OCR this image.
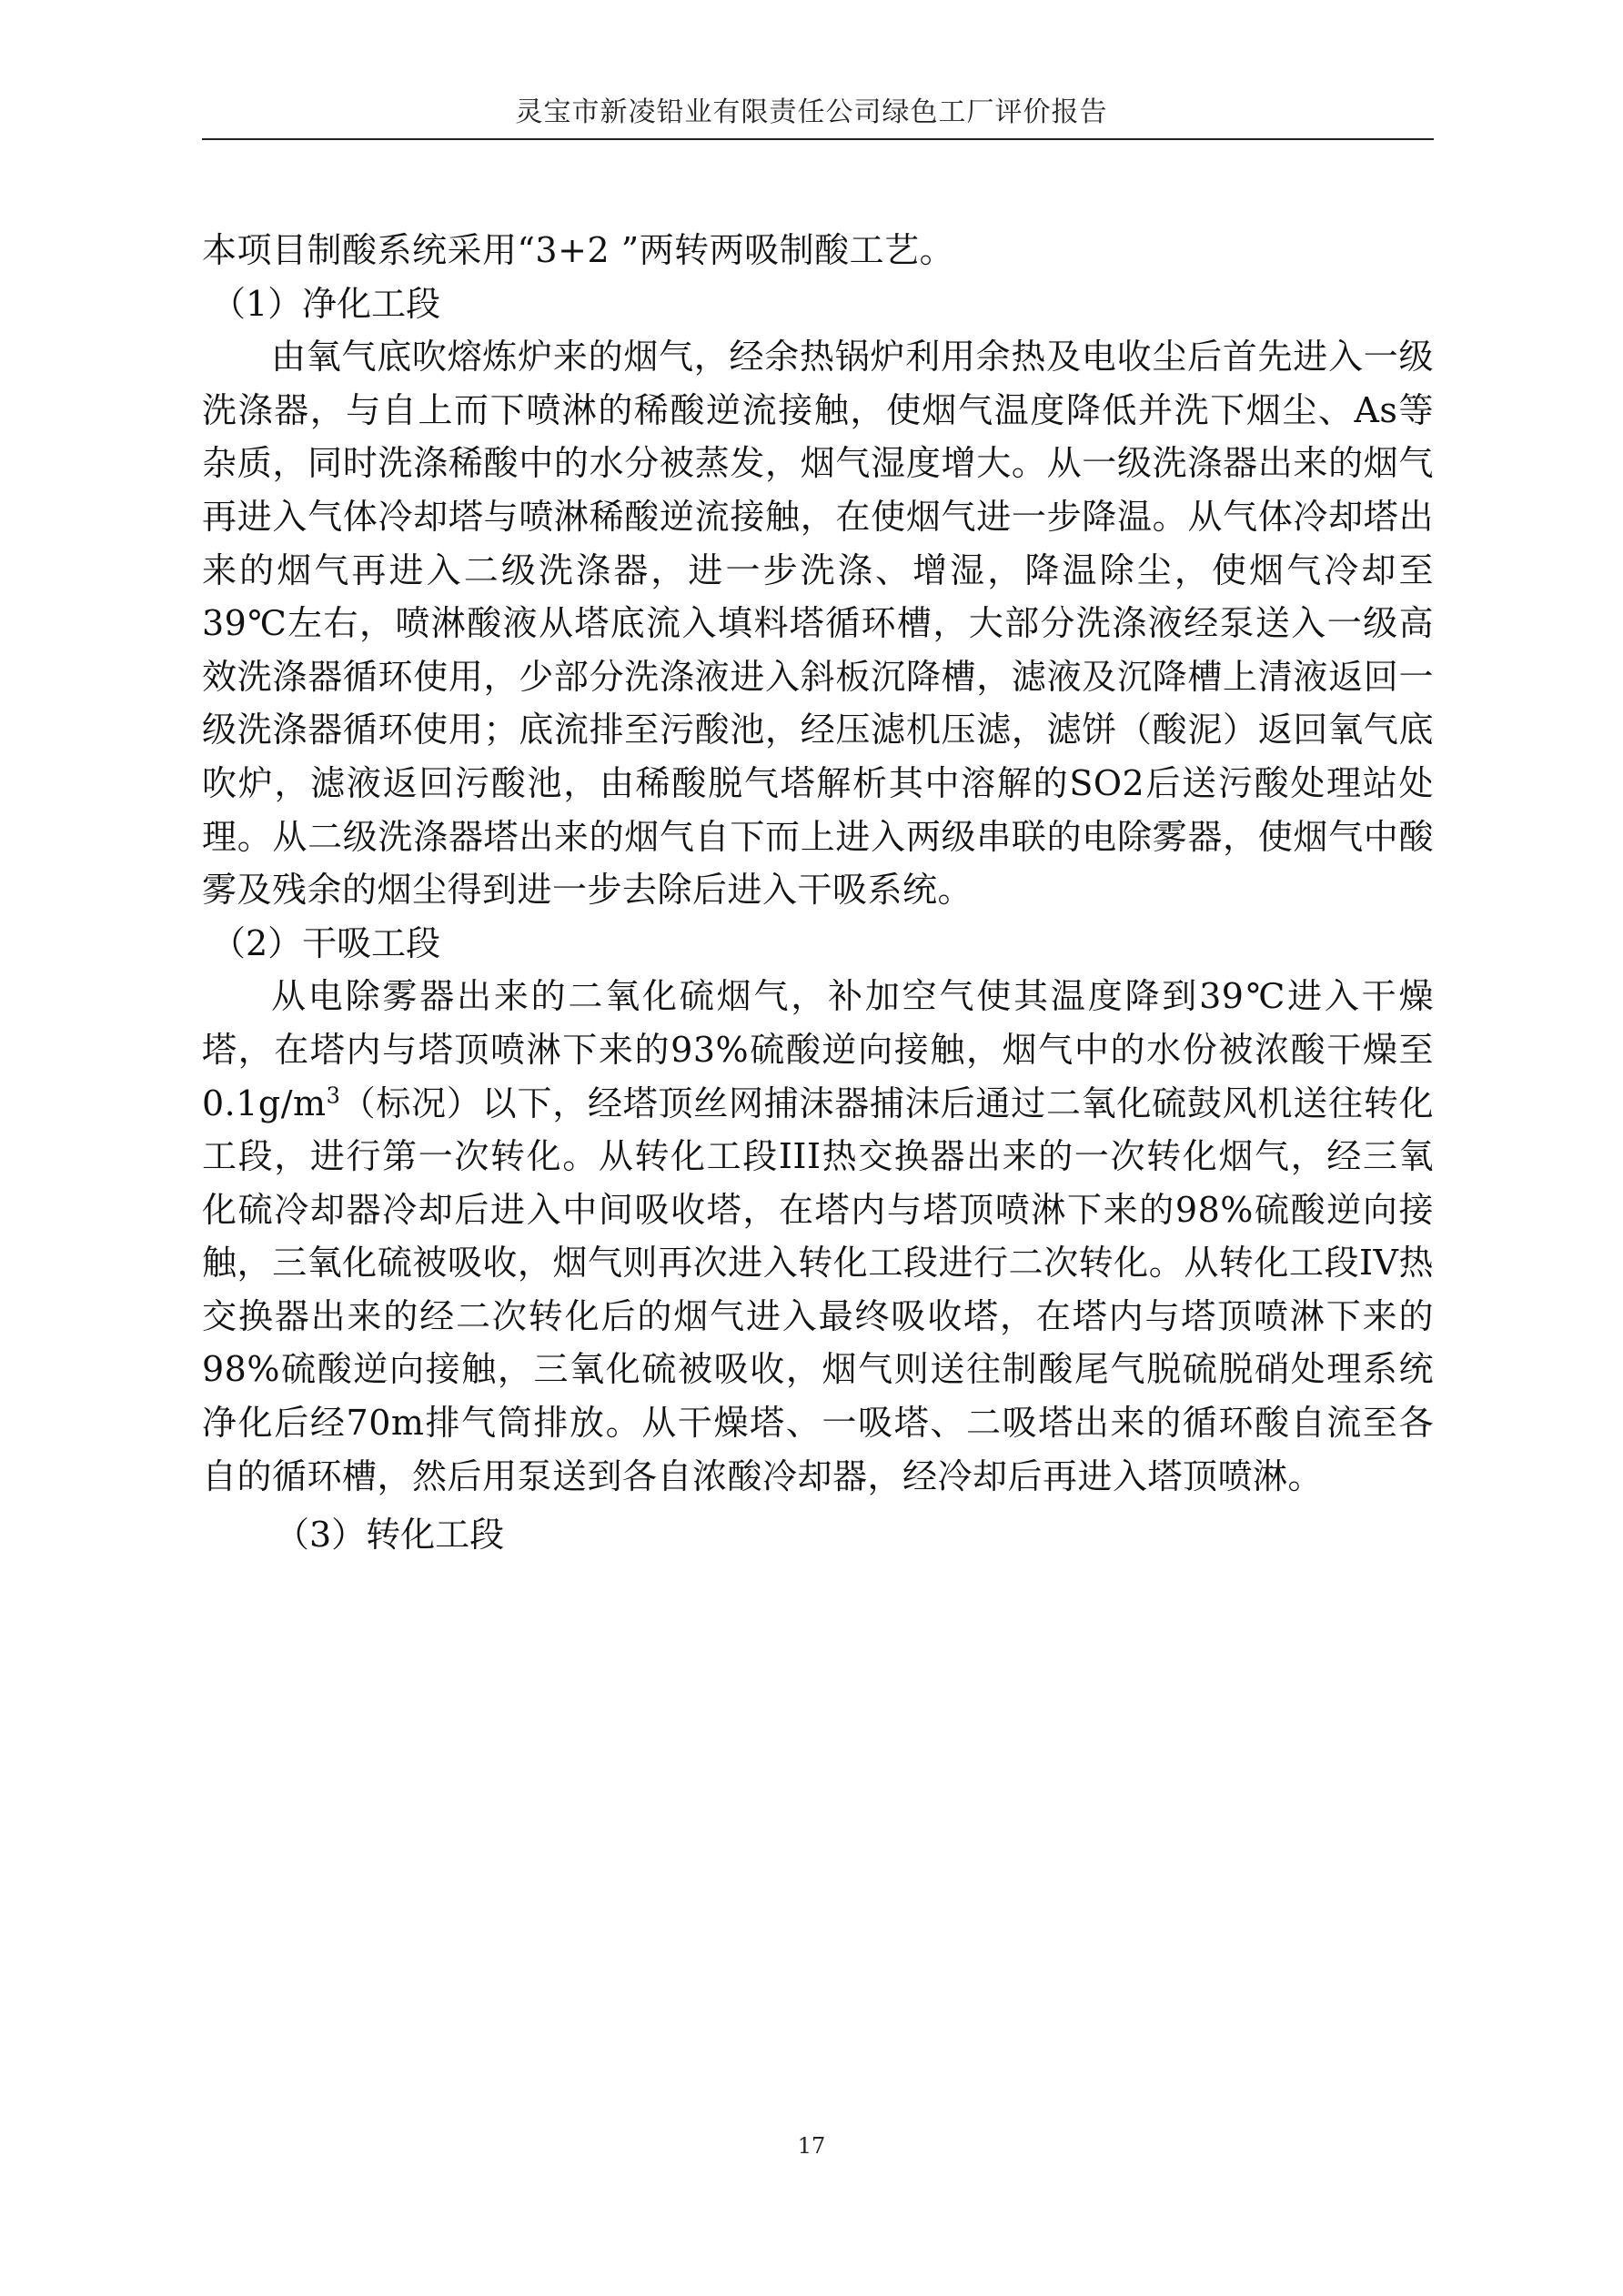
灵宝市新凌铅业有限责任公司绿色工厂评价报告

本项目制酸系统采用“3+2 ”两转两吸制酸工艺。

（1）净化工段

由氧气底吹熔炼炉来的烟气，经余热锅炉利用余热及电收尘后首先进入一级洗涤器，与自上而下喷淋的稀酸逆流接触，使烟气温度降低并洗下烟尘、As等杂质，同时洗涤稀酸中的水分被蒸发，烟气湿度增大。从一级洗涤器出来的烟气再进入气体冷却塔与喷淋稀酸逆流接触，在使烟气进一步降温。从气体冷却塔出来的烟气再进入二级洗涤器，进一步洗涤、增湿，降温除尘，使烟气冷却至39℃左右，喷淋酸液从塔底流入填料塔循环槽，大部分洗涤液经泵送入一级高效洗涤器循环使用，少部分洗涤液进入斜板沉降槽，滤液及沉降槽上清液返回一级洗涤器循环使用；底流排至污酸池，经压滤机压滤，滤饼（酸泥）返回氧气底吹炉，滤液返回污酸池，由稀酸脱气塔解析其中溶解的SO2后送污酸处理站处理。从二级洗涤器塔出来的烟气自下而上进入两级串联的电除雾器，使烟气中酸雾及残余的烟尘得到进一步去除后进入干吸系统。

（2）干吸工段

从电除雾器出来的二氧化硫烟气，补加空气使其温度降到39℃进入干燥塔，在塔内与塔顶喷淋下来的93%硫酸逆向接触，烟气中的水份被浓酸干燥至$0.1g/m^3$（标况）以下，经塔顶丝网捕沫器捕沫后通过二氧化硫鼓风机送往转化工段，进行第一次转化。从转化工段III热交换器出来的一次转化烟气，经三氧化硫冷却器冷却后进入中间吸收塔，在塔内与塔顶喷淋下来的98%硫酸逆向接触，三氧化硫被吸收，烟气则再次进入转化工段进行二次转化。从转化工段IV热交换器出来的经二次转化后的烟气进入最终吸收塔，在塔内与塔顶喷淋下来的98%硫酸逆向接触，三氧化硫被吸收，烟气则送往制酸尾气脱硫脱硝处理系统净化后经70m排气筒排放。从干燥塔、一吸塔、二吸塔出来的循环酸自流至各自的循环槽，然后用泵送到各自浓酸冷却器，经冷却后再进入塔顶喷淋。

（3）转化工段

17
